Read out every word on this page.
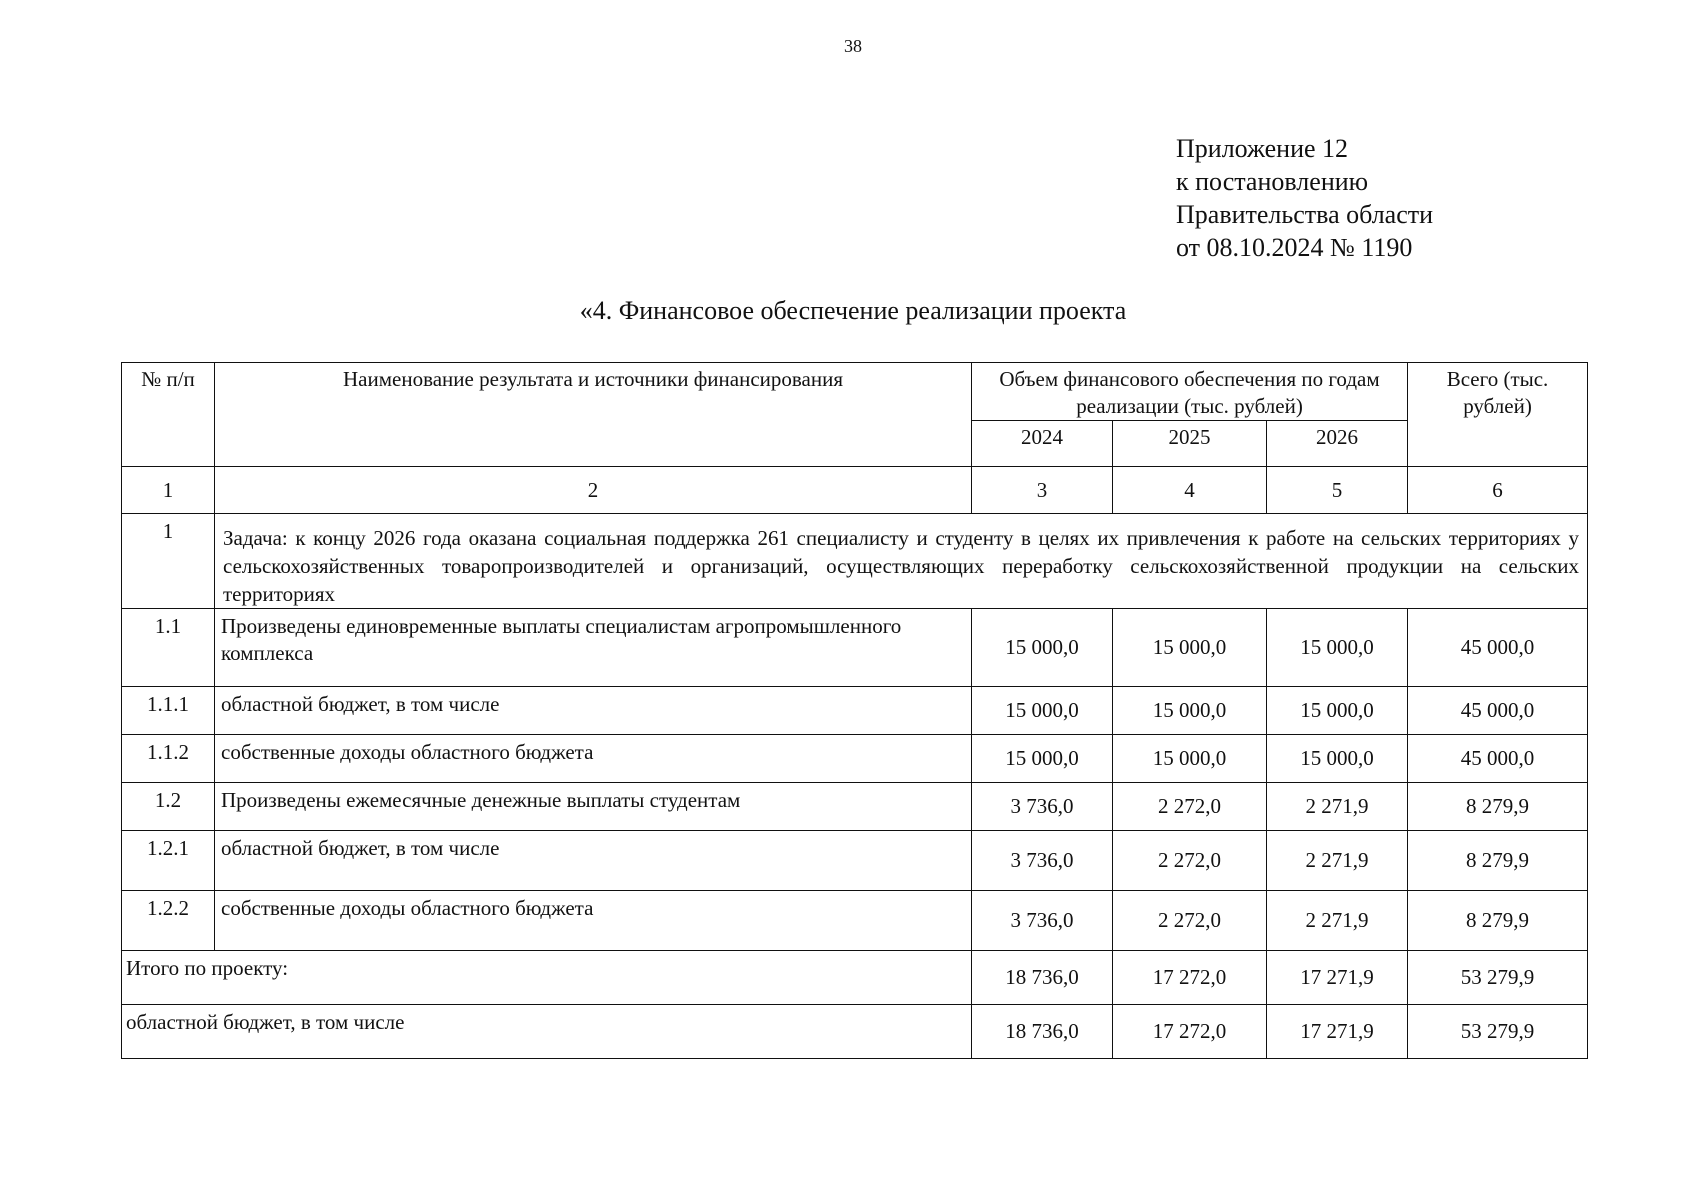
38
Приложение 12
к постановлению
Правительства области
от 08.10.2024 № 1190
«4. Финансовое обеспечение реализации проекта
№ п/п	Наименование результата и источники финансирования	Объем финансового обеспечения по годам реализации (тыс. рублей)			Всего (тыс. рублей)
		2024	2025	2026	
1	2	3	4	5	6
1	Задача: к концу 2026 года оказана социальная поддержка 261 специалисту и студенту в целях их привлечения к работе на сельских территориях у сельскохозяйственных товаропроизводителей и организаций, осуществляющих переработку сельскохозяйственной продукции на сельских территориях				
1.1	Произведены единовременные выплаты специалистам агропромышленного комплекса	15 000,0	15 000,0	15 000,0	45 000,0
1.1.1	областной бюджет, в том числе	15 000,0	15 000,0	15 000,0	45 000,0
1.1.2	собственные доходы областного бюджета	15 000,0	15 000,0	15 000,0	45 000,0
1.2	Произведены ежемесячные денежные выплаты студентам	3 736,0	2 272,0	2 271,9	8 279,9
1.2.1	областной бюджет, в том числе	3 736,0	2 272,0	2 271,9	8 279,9
1.2.2	собственные доходы областного бюджета	3 736,0	2 272,0	2 271,9	8 279,9
Итого по проекту:		18 736,0	17 272,0	17 271,9	53 279,9
областной бюджет, в том числе		18 736,0	17 272,0	17 271,9	53 279,9
